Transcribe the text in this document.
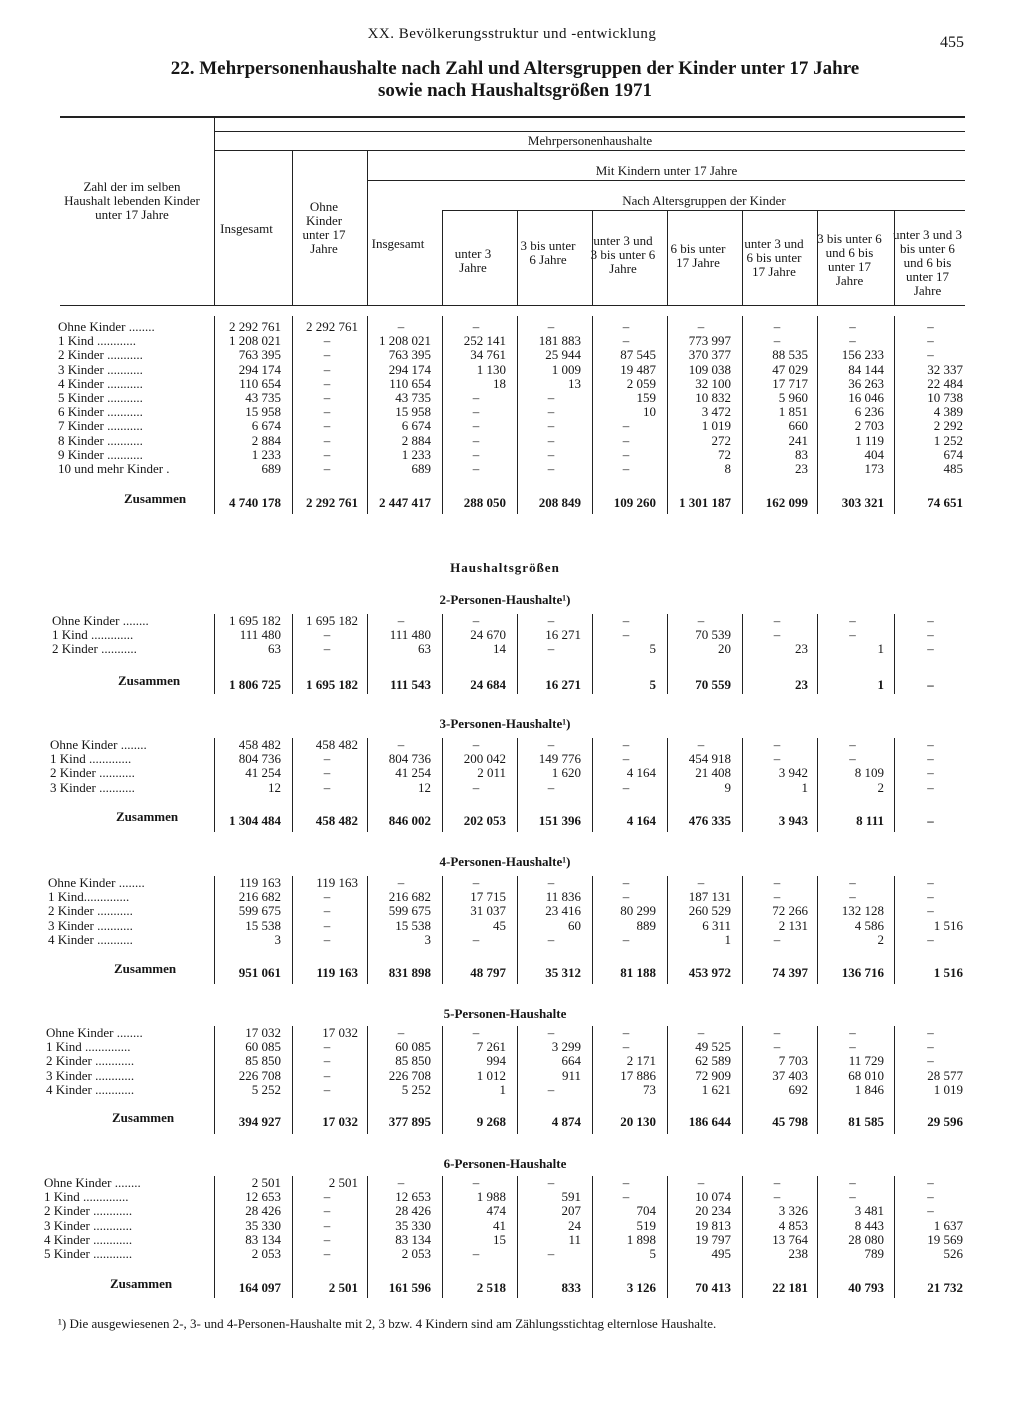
XX. Bevölkerungsstruktur und -entwicklung	455
22. Mehrpersonenhaushalte nach Zahl und Altersgruppen der Kinder unter 17 Jahre
sowie nach Haushaltsgrößen 1971
Mehrpersonenhaushalte
Mit Kindern unter 17 Jahre
Nach Altersgruppen der Kinder
Zahl der im selben Haushalt lebenden Kinder unter 17 Jahre
Insgesamt
Ohne Kinder unter 17 Jahre	Insgesamt
unter 3 Jahre
3 bis unter 6 Jahre
unter 3 und 3 bis unter 6 Jahre
6 bis unter 17 Jahre
unter 3 und 6 bis unter 17 Jahre
3 bis unter 6 und 6 bis unter 17 Jahre
unter 3 und 3 bis unter 6 und 6 bis unter 17 Jahre
Ohne Kinder ........	2 292 761	2 292 761	–	–	–	–	–	–	–	–
1 Kind ............	1 208 021	–	1 208 021	252 141	181 883	–	773 997	–	–	–
2 Kinder ...........	763 395	–	763 395	34 761	25 944	87 545	370 377	88 535	156 233	–
3 Kinder ...........	294 174	–	294 174	1 130	1 009	19 487	109 038	47 029	84 144	32 337
4 Kinder ...........	110 654	–	110 654	18	13	2 059	32 100	17 717	36 263	22 484
5 Kinder ...........	43 735	–	43 735	–	–	159	10 832	5 960	16 046	10 738
6 Kinder ...........	15 958	–	15 958	–	–	10	3 472	1 851	6 236	4 389
7 Kinder ...........	6 674	–	6 674	–	–	–	1 019	660	2 703	2 292
8 Kinder ...........	2 884	–	2 884	–	–	–	272	241	1 119	1 252
9 Kinder ...........	1 233	–	1 233	–	–	–	72	83	404	674
10 und mehr Kinder .	689	–	689	–	–	–	8	23	173	485
Zusammen	4 740 178	2 292 761	2 447 417	288 050	208 849	109 260	1 301 187	162 099	303 321	74 651
Haushaltsgrößen
2-Personen-Haushalte¹)
Ohne Kinder ........	1 695 182	1 695 182	–	–	–	–	–	–	–	–
1 Kind .............	111 480	–	111 480	24 670	16 271	–	70 539	–	–	–
2 Kinder ...........	63	–	63	14	–	5	20	23	1	–
Zusammen	1 806 725	1 695 182	111 543	24 684	16 271	5	70 559	23	1	–
3-Personen-Haushalte¹)
Ohne Kinder ........	458 482	458 482	–	–	–	–	–	–	–	–
1 Kind .............	804 736	–	804 736	200 042	149 776	–	454 918	–	–	–
2 Kinder ...........	41 254	–	41 254	2 011	1 620	4 164	21 408	3 942	8 109	–
3 Kinder ...........	12	–	12	–	–	–	9	1	2	–
Zusammen	1 304 484	458 482	846 002	202 053	151 396	4 164	476 335	3 943	8 111	–
4-Personen-Haushalte¹)
Ohne Kinder ........	119 163	119 163	–	–	–	–	–	–	–	–
1 Kind..............	216 682	–	216 682	17 715	11 836	–	187 131	–	–	–
2 Kinder ...........	599 675	–	599 675	31 037	23 416	80 299	260 529	72 266	132 128	–
3 Kinder ...........	15 538	–	15 538	45	60	889	6 311	2 131	4 586	1 516
4 Kinder ...........	3	–	3	–	–	–	1	–	2	–
Zusammen	951 061	119 163	831 898	48 797	35 312	81 188	453 972	74 397	136 716	1 516
5-Personen-Haushalte
Ohne Kinder ........	17 032	17 032	–	–	–	–	–	–	–	–
1 Kind ..............	60 085	–	60 085	7 261	3 299	–	49 525	–	–	–
2 Kinder ............	85 850	–	85 850	994	664	2 171	62 589	7 703	11 729	–
3 Kinder ............	226 708	–	226 708	1 012	911	17 886	72 909	37 403	68 010	28 577
4 Kinder ............	5 252	–	5 252	1	–	73	1 621	692	1 846	1 019
Zusammen	394 927	17 032	377 895	9 268	4 874	20 130	186 644	45 798	81 585	29 596
6-Personen-Haushalte
Ohne Kinder ........	2 501	2 501	–	–	–	–	–	–	–	–
1 Kind ..............	12 653	–	12 653	1 988	591	–	10 074	–	–	–
2 Kinder ............	28 426	–	28 426	474	207	704	20 234	3 326	3 481	–
3 Kinder ............	35 330	–	35 330	41	24	519	19 813	4 853	8 443	1 637
4 Kinder ............	83 134	–	83 134	15	11	1 898	19 797	13 764	28 080	19 569
5 Kinder ............	2 053	–	2 053	–	–	5	495	238	789	526
Zusammen	164 097	2 501	161 596	2 518	833	3 126	70 413	22 181	40 793	21 732
¹) Die ausgewiesenen 2-, 3- und 4-Personen-Haushalte mit 2, 3 bzw. 4 Kindern sind am Zählungsstichtag elternlose Haushalte.
